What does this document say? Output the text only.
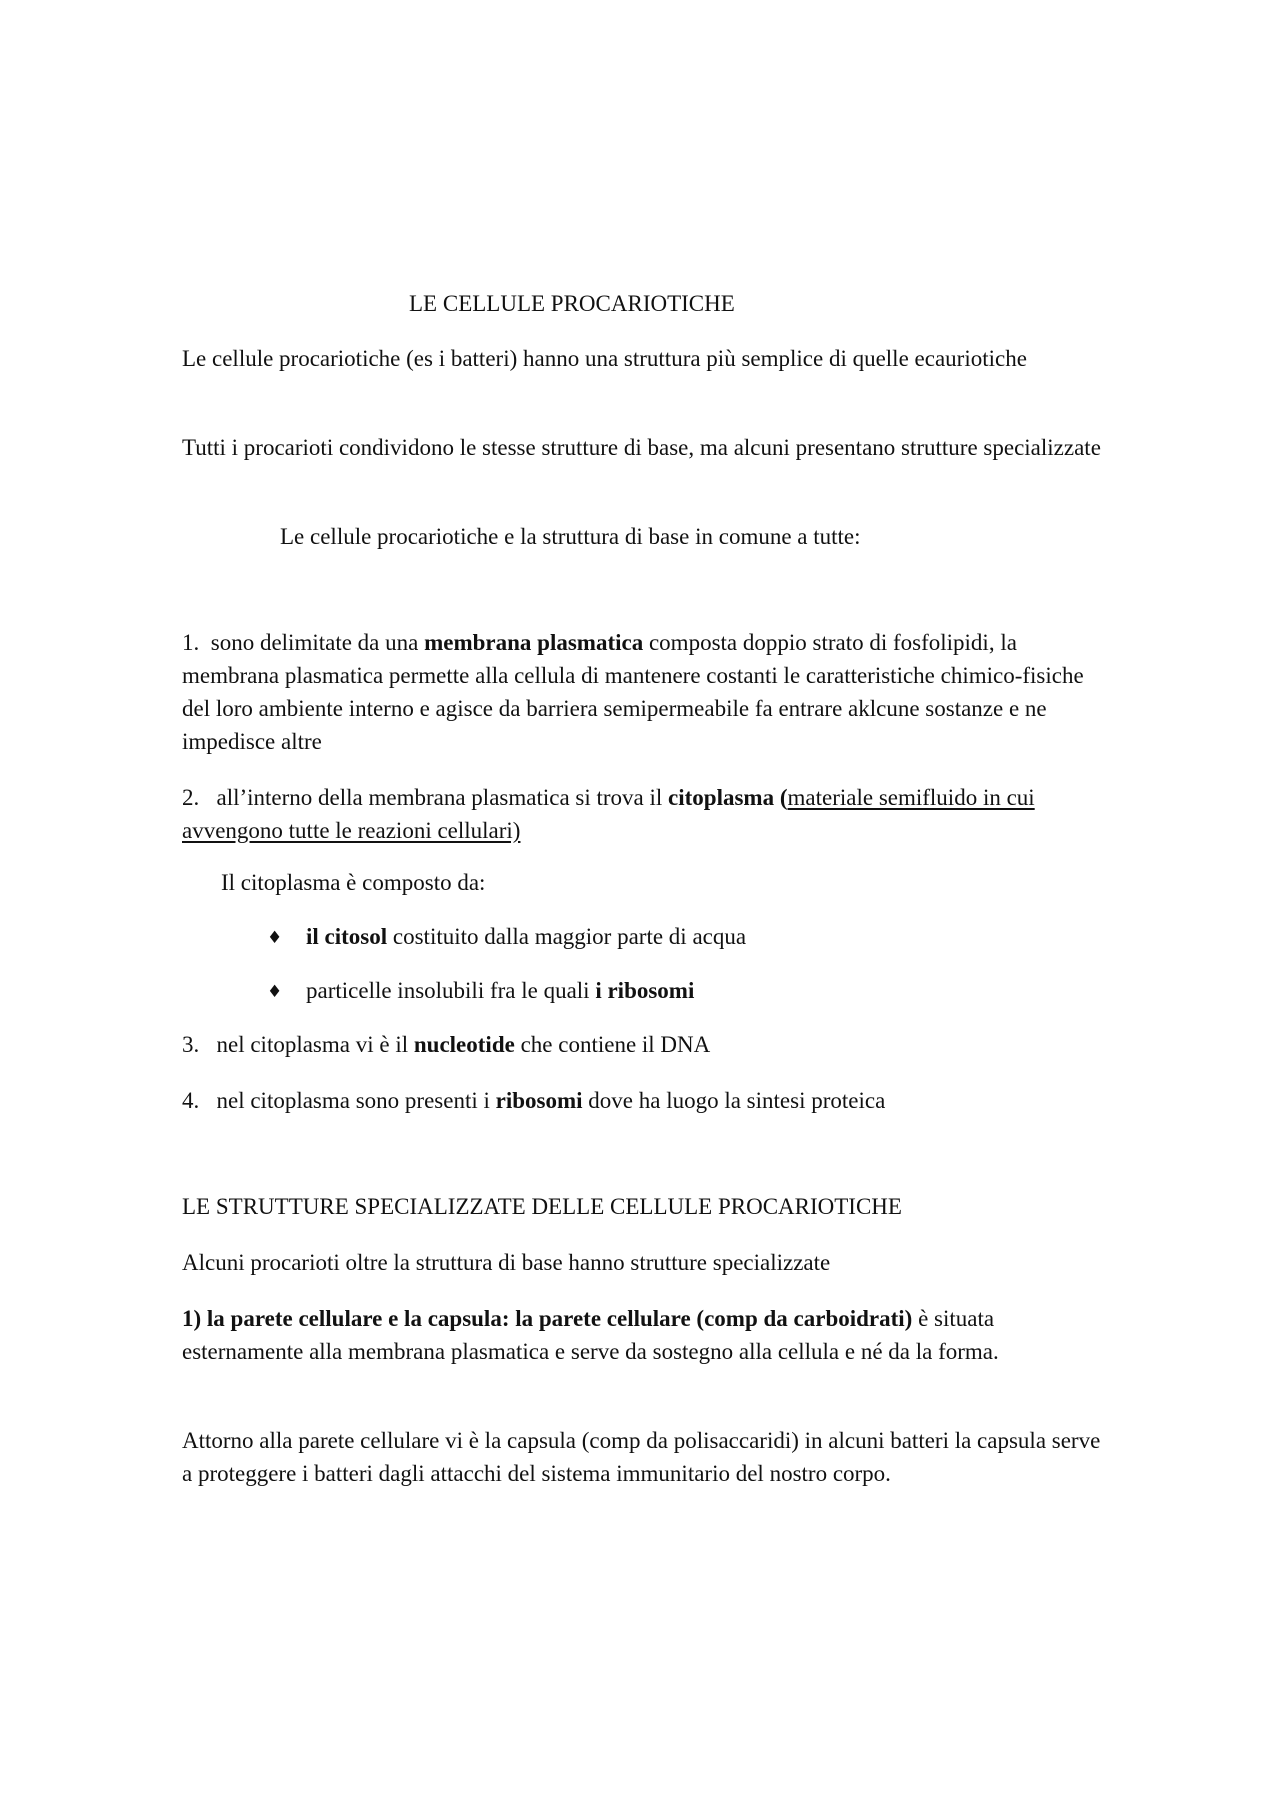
LE CELLULE PROCARIOTICHE

Le cellule procariotiche (es i batteri) hanno una struttura più semplice di quelle ecauriotiche

Tutti i procarioti condividono le stesse strutture di base, ma alcuni presentano strutture specializzate

Le cellule procariotiche e la struttura di base in comune a tutte:

1. sono delimitate da una membrana plasmatica composta doppio strato di fosfolipidi, la membrana plasmatica permette alla cellula di mantenere costanti le caratteristiche chimico-fisiche del loro ambiente interno e agisce da barriera semipermeabile fa entrare aklcune sostanze e ne impedisce altre

2. all’interno della membrana plasmatica si trova il citoplasma (materiale semifluido in cui avvengono tutte le reazioni cellulari)

Il citoplasma è composto da:

♦ il citosol costituito dalla maggior parte di acqua

♦ particelle insolubili fra le quali i ribosomi

3. nel citoplasma vi è il nucleotide che contiene il DNA

4. nel citoplasma sono presenti i ribosomi dove ha luogo la sintesi proteica

LE STRUTTURE SPECIALIZZATE DELLE CELLULE PROCARIOTICHE

Alcuni procarioti oltre la struttura di base hanno strutture specializzate

1) la parete cellulare e la capsula: la parete cellulare (comp da carboidrati) è situata esternamente alla membrana plasmatica e serve da sostegno alla cellula e né da la forma.

Attorno alla parete cellulare vi è la capsula (comp da polisaccaridi) in alcuni batteri la capsula serve a proteggere i batteri dagli attacchi del sistema immunitario del nostro corpo.
